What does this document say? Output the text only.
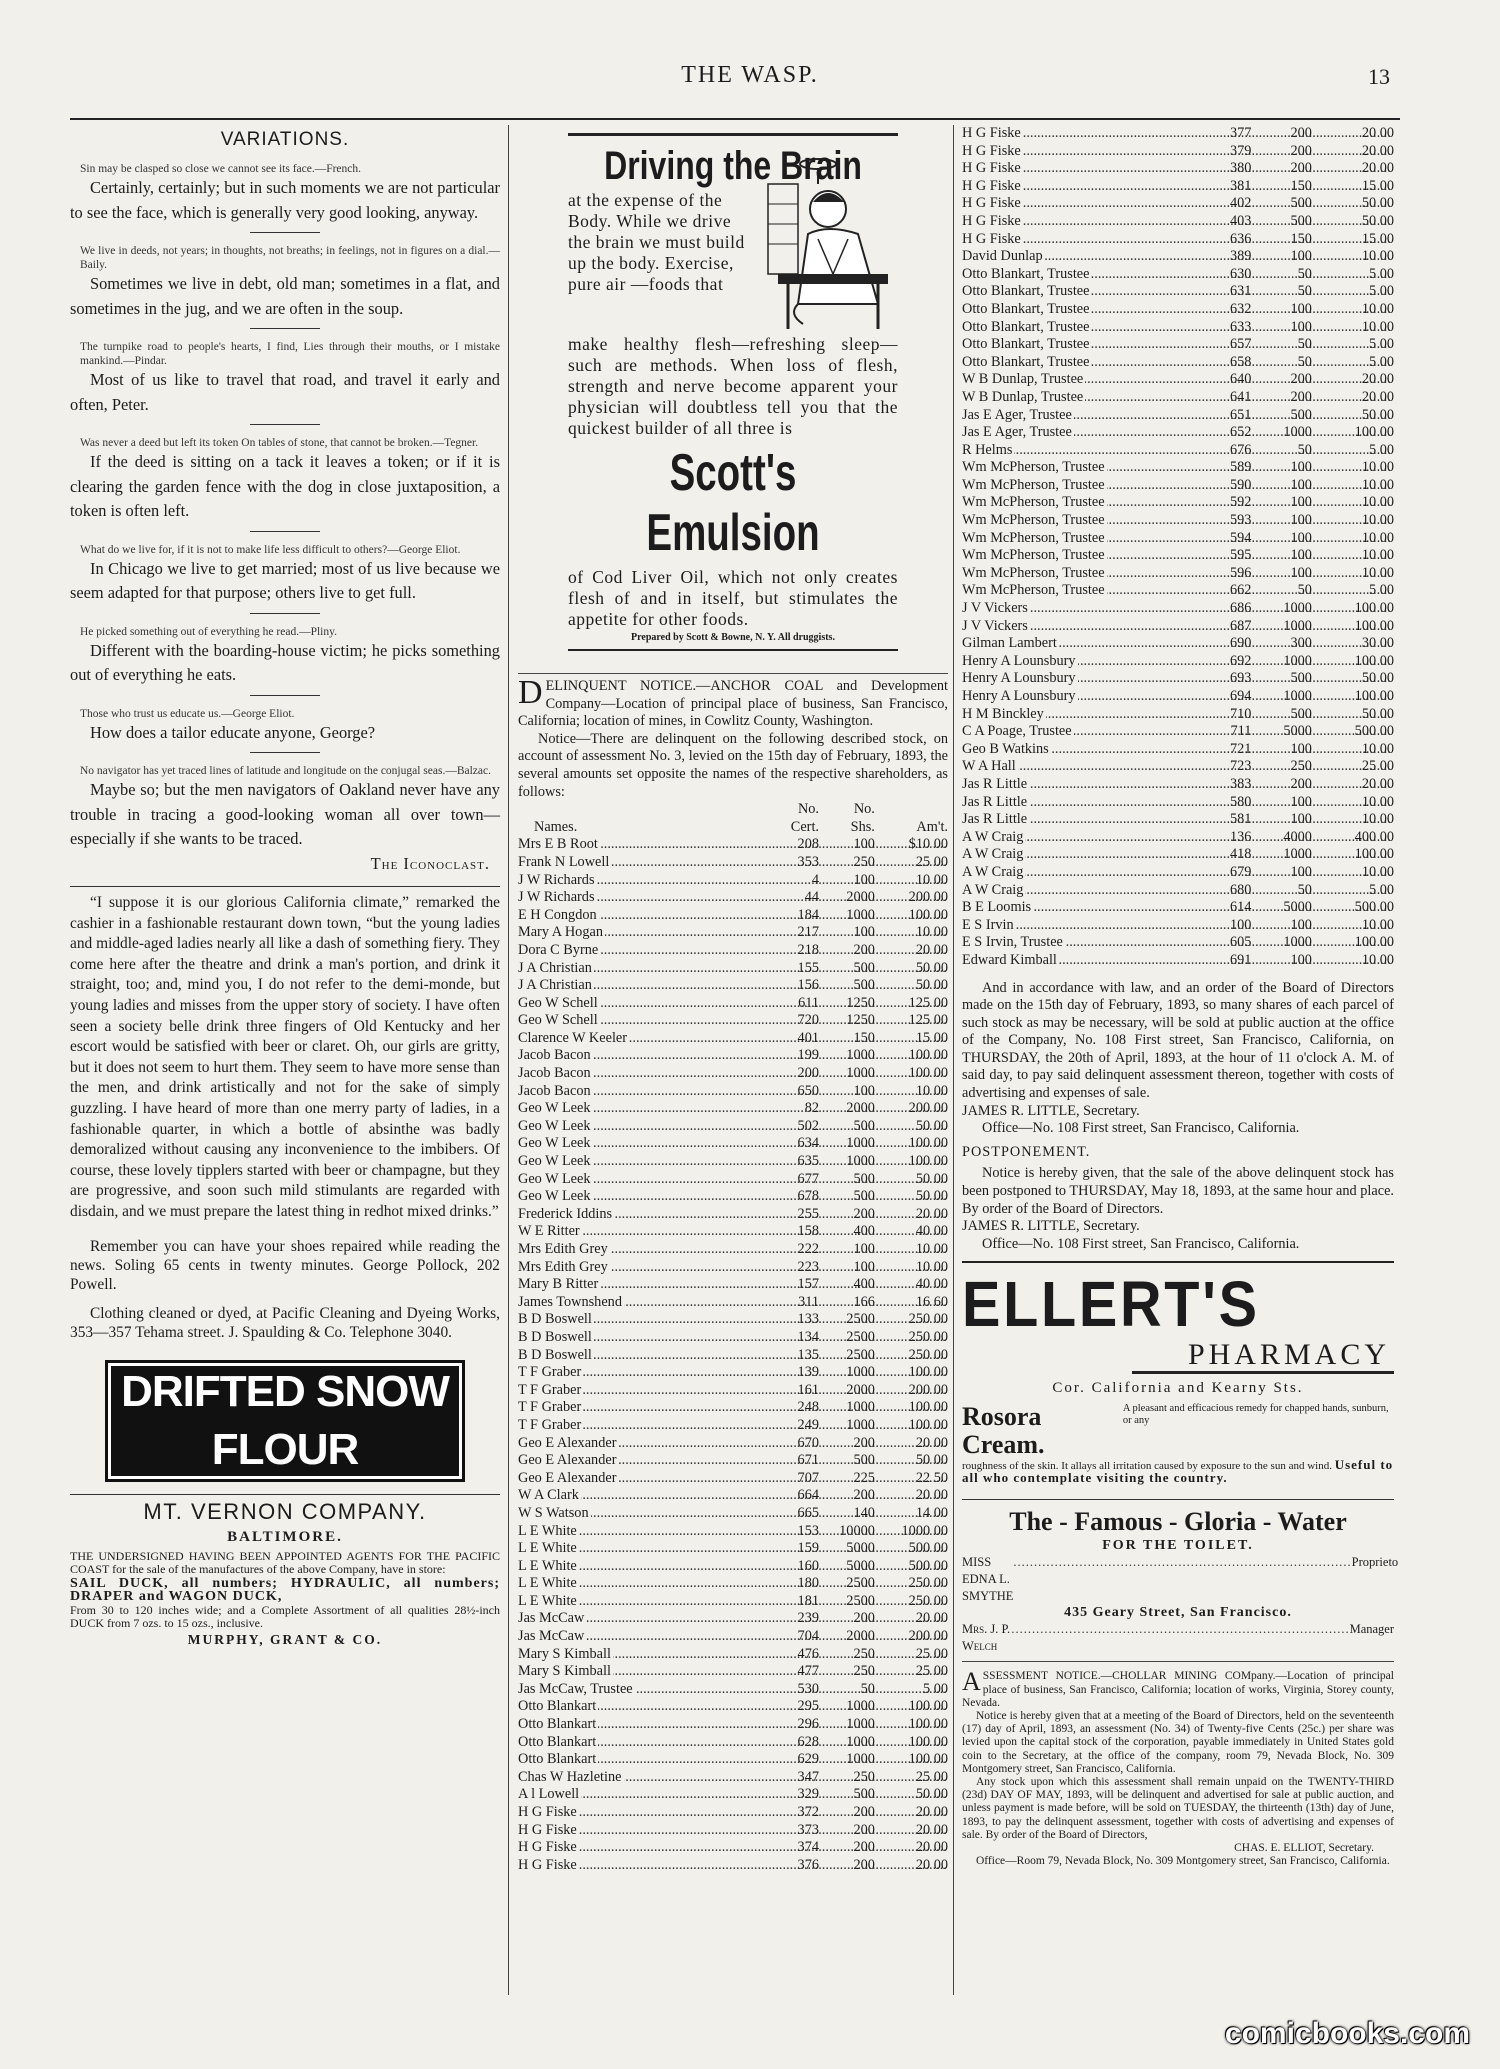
THE WASP.	13
VARIATIONS.
Sin may be clasped so close we cannot see its face.—French.
Certainly, certainly; but in such moments we are not particular to see the face, which is generally very good looking, anyway.
We live in deeds, not years; in thoughts, not breaths; in feelings, not in figures on a dial.—Baily.
Sometimes we live in debt, old man; sometimes in a flat, and sometimes in the jug, and we are often in the soup.
The turnpike road to people's hearts, I find, Lies through their mouths, or I mistake mankind.—Pindar.
Most of us like to travel that road, and travel it early and often, Peter.
Was never a deed but left its token On tables of stone, that cannot be broken.—Tegner.
If the deed is sitting on a tack it leaves a token; or if it is clearing the garden fence with the dog in close juxtaposition, a token is often left.
What do we live for, if it is not to make life less difficult to others?—George Eliot.
In Chicago we live to get married; most of us live because we seem adapted for that purpose; others live to get full.
He picked something out of everything he read.—Pliny.
Different with the boarding-house victim; he picks something out of everything he eats.
Those who trust us educate us.—George Eliot.
How does a tailor educate anyone, George?
No navigator has yet traced lines of latitude and longitude on the conjugal seas.—Balzac.
Maybe so; but the men navigators of Oakland never have any trouble in tracing a good-looking woman all over town—especially if she wants to be traced.
The Iconoclast.
“I suppose it is our glorious California climate,” remarked the cashier in a fashionable restaurant down town, “but the young ladies and middle-aged ladies nearly all like a dash of something fiery. They come here after the theatre and drink a man's portion, and drink it straight, too; and, mind you, I do not refer to the demi-monde, but young ladies and misses from the upper story of society. I have often seen a society belle drink three fingers of Old Kentucky and her escort would be satisfied with beer or claret. Oh, our girls are gritty, but it does not seem to hurt them. They seem to have more sense than the men, and drink artistically and not for the sake of simply guzzling. I have heard of more than one merry party of ladies, in a fashionable quarter, in which a bottle of absinthe was badly demoralized without causing any inconvenience to the imbibers. Of course, these lovely tipplers started with beer or champagne, but they are progressive, and soon such mild stimulants are regarded with disdain, and we must prepare the latest thing in redhot mixed drinks.”
Remember you can have your shoes repaired while reading the news. Soling 65 cents in twenty minutes. George Pollock, 202 Powell.
Clothing cleaned or dyed, at Pacific Cleaning and Dyeing Works, 353—357 Tehama street. J. Spaulding & Co. Telephone 3040.
DRIFTED SNOW FLOUR
MT. VERNON COMPANY.
BALTIMORE.
THE UNDERSIGNED HAVING BEEN APPOINTED AGENTS FOR THE PACIFIC COAST for the sale of the manufactures of the above Company, have in store:
SAIL DUCK, all numbers; HYDRAULIC, all numbers; DRAPER and WAGON DUCK,
From 30 to 120 inches wide; and a Complete Assortment of all qualities 28½-inch DUCK from 7 ozs. to 15 ozs., inclusive.
MURPHY, GRANT & CO.
Driving the Brain
at the expense of the Body. While we drive the brain we must build up the body. Exercise, pure air —foods that
make healthy flesh—refreshing sleep—such are methods. When loss of flesh, strength and nerve become apparent your physician will doubtless tell you that the quickest builder of all three is
Scott's Emulsion
of Cod Liver Oil, which not only creates flesh of and in itself, but stimulates the appetite for other foods.
Prepared by Scott & Bowne, N. Y. All druggists.
DELINQUENT NOTICE.—ANCHOR COAL and Development Company—Location of principal place of business, San Francisco, California; location of mines, in Cowlitz County, Washington.
Notice—There are delinquent on the following described stock, on account of assessment No. 3, levied on the 15th day of February, 1893, the several amounts set opposite the names of the respective shareholders, as follows:
	No.	No.	
Names.	Cert.	Shs.	Am't.
Mrs E B Root .....	208	100	$10 00
Frank N Lowell .....	353	250	25 00
J W Richards .....	4	100	10 00
J W Richards .....	44	2000	200 00
E H Congdon .....	184	1000	100 00
Mary A Hogan .....	217	100	10 00
Dora C Byrne .....	218	200	20 00
J A Christian .....	155	500	50 00
J A Christian .....	156	500	50 00
Geo W Schell .....	611	1250	125 00
Geo W Schell .....	720	1250	125 00
Clarence W Keeler .....	401	150	15 00
Jacob Bacon .....	199	1000	100 00
Jacob Bacon .....	200	1000	100 00
Jacob Bacon .....	650	100	10 00
Geo W Leek .....	82	2000	200 00
Geo W Leek .....	502	500	50 00
Geo W Leek .....	634	1000	100 00
Geo W Leek .....	635	1000	100 00
Geo W Leek .....	677	500	50 00
Geo W Leek .....	678	500	50 00
Frederick Iddins .....	255	200	20 00
W E Ritter .....	158	400	40 00
Mrs Edith Grey .....	222	100	10 00
Mrs Edith Grey .....	223	100	10 00
Mary B Ritter .....	157	400	40 00
James Townshend .....	311	166	16 60
B D Boswell .....	133	2500	250 00
B D Boswell .....	134	2500	250 00
B D Boswell .....	135	2500	250 00
T F Graber .....	139	1000	100 00
T F Graber .....	161	2000	200 00
T F Graber .....	248	1000	100 00
T F Graber .....	249	1000	100 00
Geo E Alexander .....	670	200	20 00
Geo E Alexander .....	671	500	50 00
Geo E Alexander .....	707	225	22 50
W A Clark .....	664	200	20 00
W S Watson .....	665	140	14 00
L E White .....	153	10000	1000 00
L E White .....	159	5000	500 00
L E White .....	160	5000	500 00
L E White .....	180	2500	250 00
L E White .....	181	2500	250 00
Jas McCaw .....	239	200	20 00
Jas McCaw .....	704	2000	200 00
Mary S Kimball .....	476	250	25 00
Mary S Kimball .....	477	250	25 00
Jas McCaw, Trustee .....	530	50	5 00
Otto Blankart .....	295	1000	100 00
Otto Blankart .....	296	1000	100 00
Otto Blankart .....	628	1000	100 00
Otto Blankart .....	629	1000	100 00
Chas W Hazletine .....	347	250	25 00
A l Lowell .....	329	500	50 00
H G Fiske .....	372	200	20 00
H G Fiske .....	373	200	20 00
H G Fiske .....	374	200	20 00
H G Fiske .....	376	200	20 00
H G Fiske .....	377	200	20 00
H G Fiske .....	379	200	20 00
H G Fiske .....	380	200	20 00
H G Fiske .....	381	150	15 00
H G Fiske .....	402	500	50 00
H G Fiske .....	403	500	50 00
H G Fiske .....	636	150	15 00
David Dunlap .....	389	100	10 00
Otto Blankart, Trustee .....	630	50	5 00
Otto Blankart, Trustee .....	631	50	5 00
Otto Blankart, Trustee .....	632	100	10 00
Otto Blankart, Trustee .....	633	100	10 00
Otto Blankart, Trustee .....	657	50	5 00
Otto Blankart, Trustee .....	658	50	5 00
W B Dunlap, Trustee .....	640	200	20 00
W B Dunlap, Trustee .....	641	200	20 00
Jas E Ager, Trustee .....	651	500	50 00
Jas E Ager, Trustee .....	652	1000	100 00
R Helms .....	676	50	5 00
Wm McPherson, Trustee .....	589	100	10 00
Wm McPherson, Trustee .....	590	100	10 00
Wm McPherson, Trustee .....	592	100	10 00
Wm McPherson, Trustee .....	593	100	10 00
Wm McPherson, Trustee .....	594	100	10 00
Wm McPherson, Trustee .....	595	100	10 00
Wm McPherson, Trustee .....	596	100	10 00
Wm McPherson, Trustee .....	662	50	5 00
J V Vickers .....	686	1000	100 00
J V Vickers .....	687	1000	100 00
Gilman Lambert .....	690	300	30 00
Henry A Lounsbury .....	692	1000	100 00
Henry A Lounsbury .....	693	500	50 00
Henry A Lounsbury .....	694	1000	100 00
H M Binckley .....	710	500	50 00
C A Poage, Trustee .....	711	5000	500 00
Geo B Watkins .....	721	100	10 00
W A Hall .....	723	250	25 00
Jas R Little .....	383	200	20 00
Jas R Little .....	580	100	10 00
Jas R Little .....	581	100	10 00
A W Craig .....	136	4000	400 00
A W Craig .....	418	1000	100 00
A W Craig .....	679	100	10 00
A W Craig .....	680	50	5 00
B E Loomis .....	614	5000	500 00
E S Irvin .....	100	100	10 00
E S Irvin, Trustee .....	605	1000	100 00
Edward Kimball .....	691	100	10 00
And in accordance with law, and an order of the Board of Directors made on the 15th day of February, 1893, so many shares of each parcel of such stock as may be necessary, will be sold at public auction at the office of the Company, No. 108 First street, San Francisco, California, on THURSDAY, the 20th of April, 1893, at the hour of 11 o'clock A. M. of said day, to pay said delinquent assessment thereon, together with costs of advertising and expenses of sale.
JAMES R. LITTLE, Secretary.
Office—No. 108 First street, San Francisco, California.
POSTPONEMENT.
Notice is hereby given, that the sale of the above delinquent stock has been postponed to THURSDAY, May 18, 1893, at the same hour and place. By order of the Board of Directors.
JAMES R. LITTLE, Secretary.
Office—No. 108 First street, San Francisco, California.
ELLERT'S
PHARMACY
Cor. California and Kearny Sts.
Rosora Cream.
A pleasant and efficacious remedy for chapped hands, sunburn, or any
roughness of the skin. It allays all irritation caused by exposure to the sun and wind. Useful to all who contemplate visiting the country.
The - Famous - Gloria - Water
FOR THE TOILET.
MISS EDNA L. SMYTHE
.................................................................................. Proprieto
435 Geary Street, San Francisco.
Mrs. J. P. Welch
.................................................................................. Manager
ASSESSMENT NOTICE.—CHOLLAR MINING COMpany.—Location of principal place of business, San Francisco, California; location of works, Virginia, Storey county, Nevada.
Notice is hereby given that at a meeting of the Board of Directors, held on the seventeenth (17) day of April, 1893, an assessment (No. 34) of Twenty-five Cents (25c.) per share was levied upon the capital stock of the corporation, payable immediately in United States gold coin to the Secretary, at the office of the company, room 79, Nevada Block, No. 309 Montgomery street, San Francisco, California.
Any stock upon which this assessment shall remain unpaid on the TWENTY-THIRD (23d) DAY OF MAY, 1893, will be delinquent and advertised for sale at public auction, and unless payment is made before, will be sold on TUESDAY, the thirteenth (13th) day of June, 1893, to pay the delinquent assessment, together with costs of advertising and expenses of sale. By order of the Board of Directors,
CHAS. E. ELLIOT, Secretary.
Office—Room 79, Nevada Block, No. 309 Montgomery street, San Francisco, California.
comicbooks.com
